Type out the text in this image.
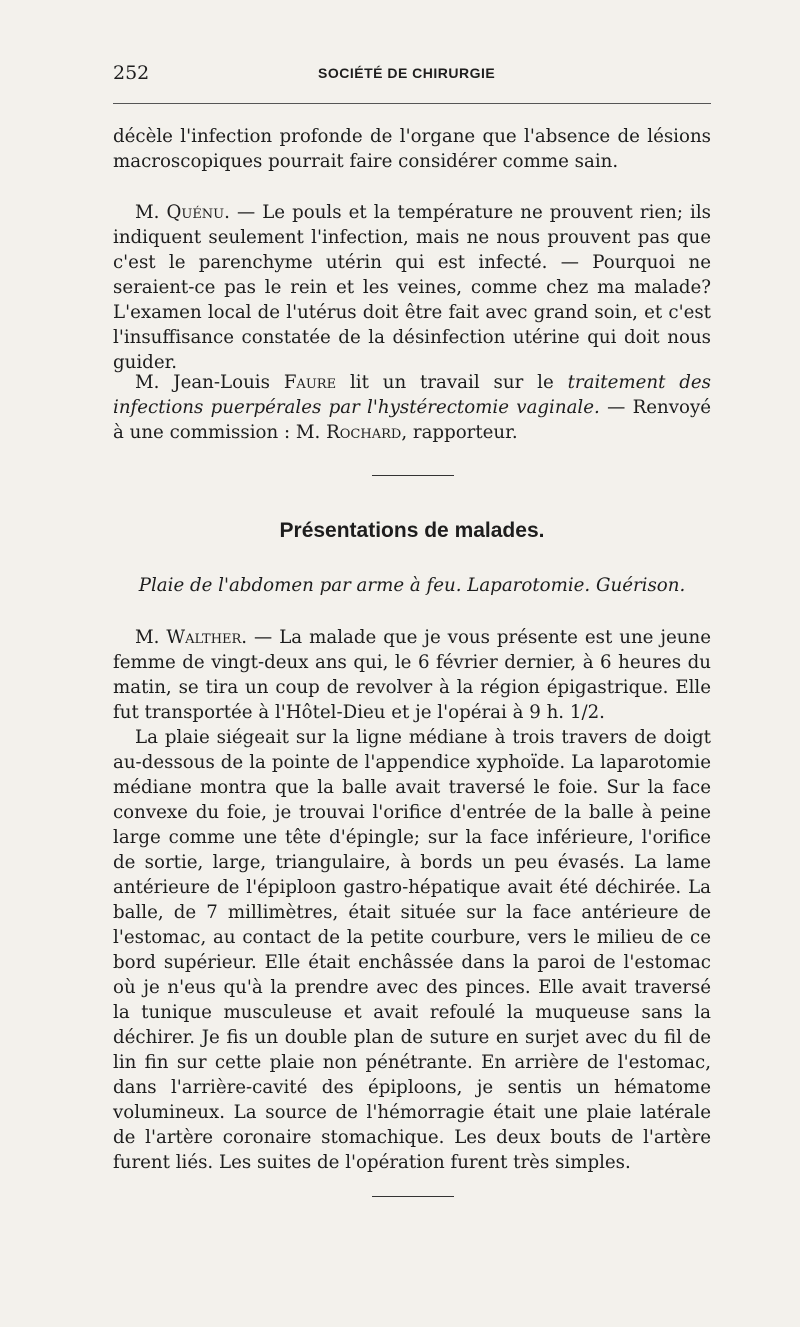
252	SOCIÉTÉ DE CHIRURGIE

décèle l'infection profonde de l'organe que l'absence de lésions macroscopiques pourrait faire considérer comme sain.

M. Quénu. — Le pouls et la température ne prouvent rien; ils indiquent seulement l'infection, mais ne nous prouvent pas que c'est le parenchyme utérin qui est infecté. — Pourquoi ne seraient-ce pas le rein et les veines, comme chez ma malade? L'examen local de l'utérus doit être fait avec grand soin, et c'est l'insuffisance constatée de la désinfection utérine qui doit nous guider.

M. Jean-Louis Faure lit un travail sur le traitement des infections puerpérales par l'hystérectomie vaginale. — Renvoyé à une commission : M. Rochard, rapporteur.

Présentations de malades.
Plaie de l'abdomen par arme à feu. Laparotomie. Guérison.

M. Walther. — La malade que je vous présente est une jeune femme de vingt-deux ans qui, le 6 février dernier, à 6 heures du matin, se tira un coup de revolver à la région épigastrique. Elle fut transportée à l'Hôtel-Dieu et je l'opérai à 9 h. 1/2.

La plaie siégeait sur la ligne médiane à trois travers de doigt au-dessous de la pointe de l'appendice xyphoïde. La laparotomie médiane montra que la balle avait traversé le foie. Sur la face convexe du foie, je trouvai l'orifice d'entrée de la balle à peine large comme une tête d'épingle; sur la face inférieure, l'orifice de sortie, large, triangulaire, à bords un peu évasés. La lame antérieure de l'épiploon gastro-hépatique avait été déchirée. La balle, de 7 millimètres, était située sur la face antérieure de l'estomac, au contact de la petite courbure, vers le milieu de ce bord supérieur. Elle était enchâssée dans la paroi de l'estomac où je n'eus qu'à la prendre avec des pinces. Elle avait traversé la tunique musculeuse et avait refoulé la muqueuse sans la déchirer. Je fis un double plan de suture en surjet avec du fil de lin fin sur cette plaie non pénétrante. En arrière de l'estomac, dans l'arrière-cavité des épiploons, je sentis un hématome volumineux. La source de l'hémorragie était une plaie latérale de l'artère coronaire stomachique. Les deux bouts de l'artère furent liés. Les suites de l'opération furent très simples.
